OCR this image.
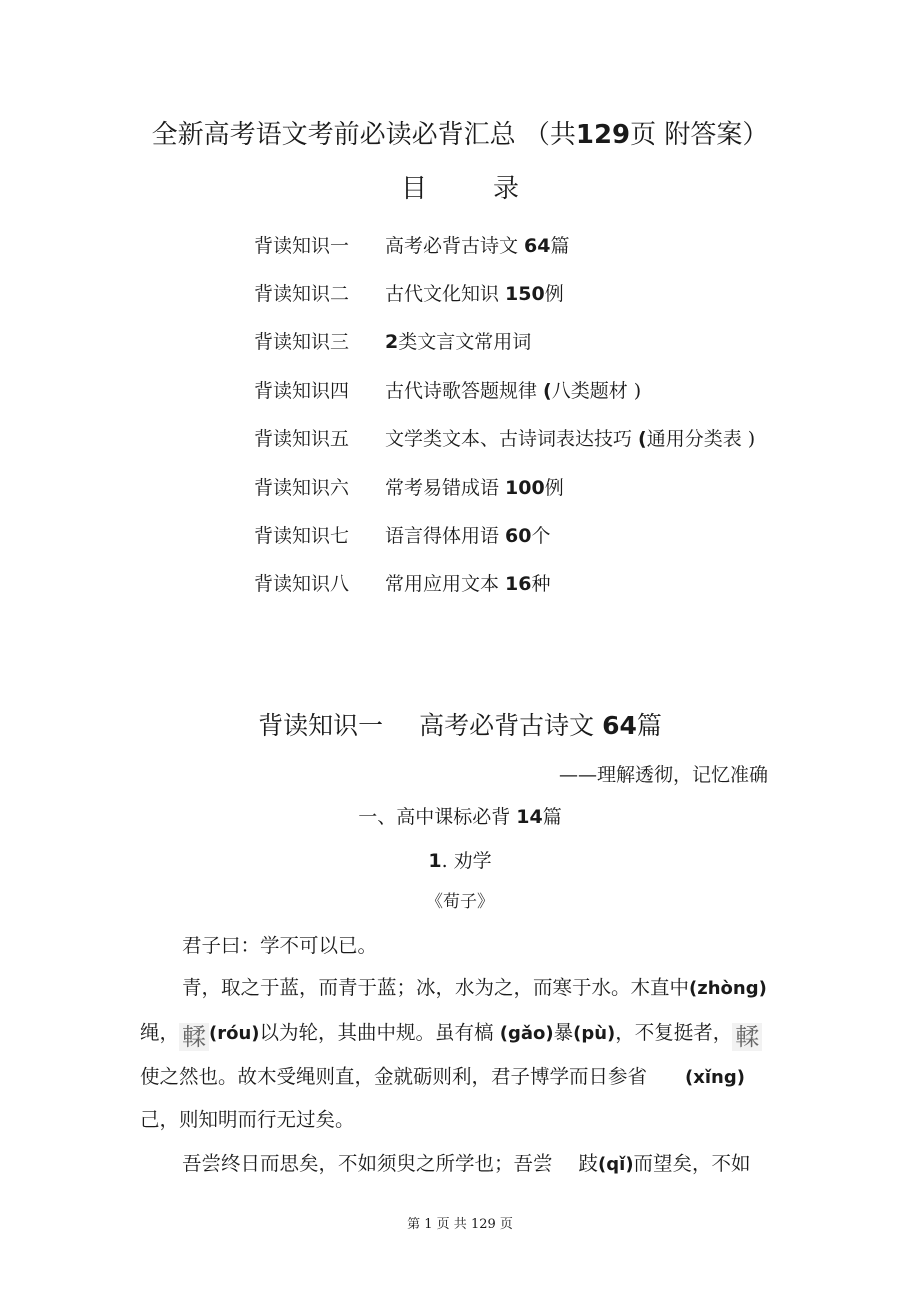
全新高考语文考前必读必背汇总 （共129页 附答案）
目	录
背读知识一 高考必背古诗文 64篇
背读知识二 古代文化知识 150例
背读知识三 2类文言文常用词
背读知识四 古代诗歌答题规律 (八类题材 )
背读知识五 文学类文本、古诗词表达技巧 (通用分类表 )
背读知识六 常考易错成语 100例
背读知识七 语言得体用语 60个
背读知识八 常用应用文本 16种
背读知识一 高考必背古诗文 64篇
——理解透彻，记忆准确
一、高中课标必背 14篇
1. 劝学
《荀子》
君子曰：学不可以已。
青，取之于蓝，而青于蓝；冰，水为之，而寒于水。木直中(zhòng)
绳， 輮 (róu)以为轮，其曲中规。虽有槁 (gǎo)暴(pù)，不复挺者， 輮
使之然也。故木受绳则直，金就砺则利，君子博学而日参省 (xǐng)
己，则知明而行无过矣。
吾尝终日而思矣，不如须臾之所学也；吾尝 跂(qǐ)而望矣，不如
第 1 页 共 129 页
